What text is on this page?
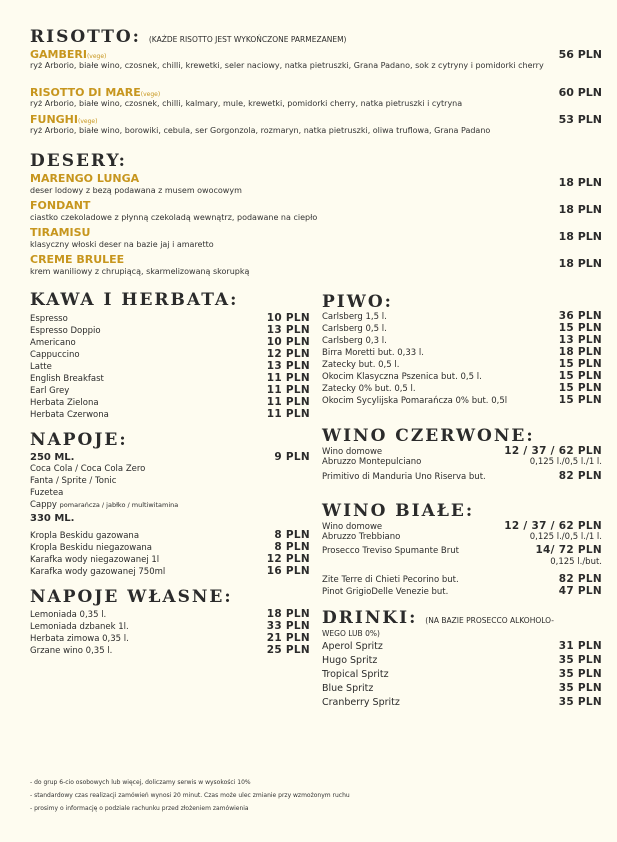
RISOTTO: (KAŻDE RISOTTO JEST WYKOŃCZONE PARMEZANEM)
GAMBERI(vege)	56 PLN
ryż Arborio, białe wino, czosnek, chilli, krewetki, seler naciowy, natka pietruszki, Grana Padano, sok z cytryny i pomidorki cherry
RISOTTO DI MARE(vege)	60 PLN
ryż Arborio, białe wino, czosnek, chilli, kalmary, mule, krewetki, pomidorki cherry, natka pietruszki i cytryna
FUNGHI(vege)	53 PLN
ryż Arborio, białe wino, borowiki, cebula, ser Gorgonzola, rozmaryn, natka pietruszki, oliwa truflowa, Grana Padano
DESERY:
MARENGO LUNGA	18 PLN
deser lodowy z bezą podawana z musem owocowym
FONDANT	18 PLN
ciastko czekoladowe z płynną czekoladą wewnątrz, podawane na ciepło
TIRAMISU	18 PLN
klasyczny włoski deser na bazie jaj i amaretto
CREME BRULEE	18 PLN
krem waniliowy z chrupiącą, skarmelizowaną skorupką
KAWA I HERBATA:
Espresso	10 PLN
Espresso Doppio	13 PLN
Americano	10 PLN
Cappuccino	12 PLN
Latte	13 PLN
English Breakfast	11 PLN
Earl Grey	11 PLN
Herbata Zielona	11 PLN
Herbata Czerwona	11 PLN
NAPOJE:
250 ML.	9 PLN
Coca Cola / Coca Cola Zero
Fanta / Sprite / Tonic
Fuzetea
Cappy pomarańcza / jabłko / multiwitamina
330 ML.
Kropla Beskidu gazowana	8 PLN
Kropla Beskidu niegazowana	8 PLN
Karafka wody niegazowanej 1l	12 PLN
Karafka wody gazowanej 750ml	16 PLN
NAPOJE WŁASNE:
Lemoniada 0,35 l.	18 PLN
Lemoniada dzbanek 1l.	33 PLN
Herbata zimowa 0,35 l.	21 PLN
Grzane wino 0,35 l.	25 PLN
PIWO:
Carlsberg 1,5 l.	36 PLN
Carlsberg 0,5 l.	15 PLN
Carlsberg 0,3 l.	13 PLN
Birra Moretti but. 0,33 l.	18 PLN
Zatecky but. 0,5 l.	15 PLN
Okocim Klasyczna Pszenica but. 0,5 l.	15 PLN
Zatecky 0% but. 0,5 l.	15 PLN
Okocim Sycylijska Pomarańcza 0% but. 0,5l	15 PLN
WINO CZERWONE:
Wino domowe	12 / 37 / 62 PLN
Abruzzo Montepulciano	0,125 l./0,5 l./1 l.
Primitivo di Manduria Uno Riserva but.	82 PLN
WINO BIAŁE:
Wino domowe	12 / 37 / 62 PLN
Abruzzo Trebbiano	0,125 l./0,5 l./1 l.
Prosecco Treviso Spumante Brut	14/ 72 PLN
0,125 l./but.
Zite Terre di Chieti Pecorino but.	82 PLN
Pinot GrigioDelle Venezie but.	47 PLN
DRINKI: (NA BAZIE PROSECCO ALKOHOLO-
WEGO LUB 0%)
Aperol Spritz	31 PLN
Hugo Spritz	35 PLN
Tropical Spritz	35 PLN
Blue Spritz	35 PLN
Cranberry Spritz	35 PLN
- do grup 6-cio osobowych lub więcej, doliczamy serwis w wysokości 10%
- standardowy czas realizacji zamówień wynosi 20 minut. Czas może ulec zmianie przy wzmożonym ruchu
- prosimy o informację o podziale rachunku przed złożeniem zamówienia
